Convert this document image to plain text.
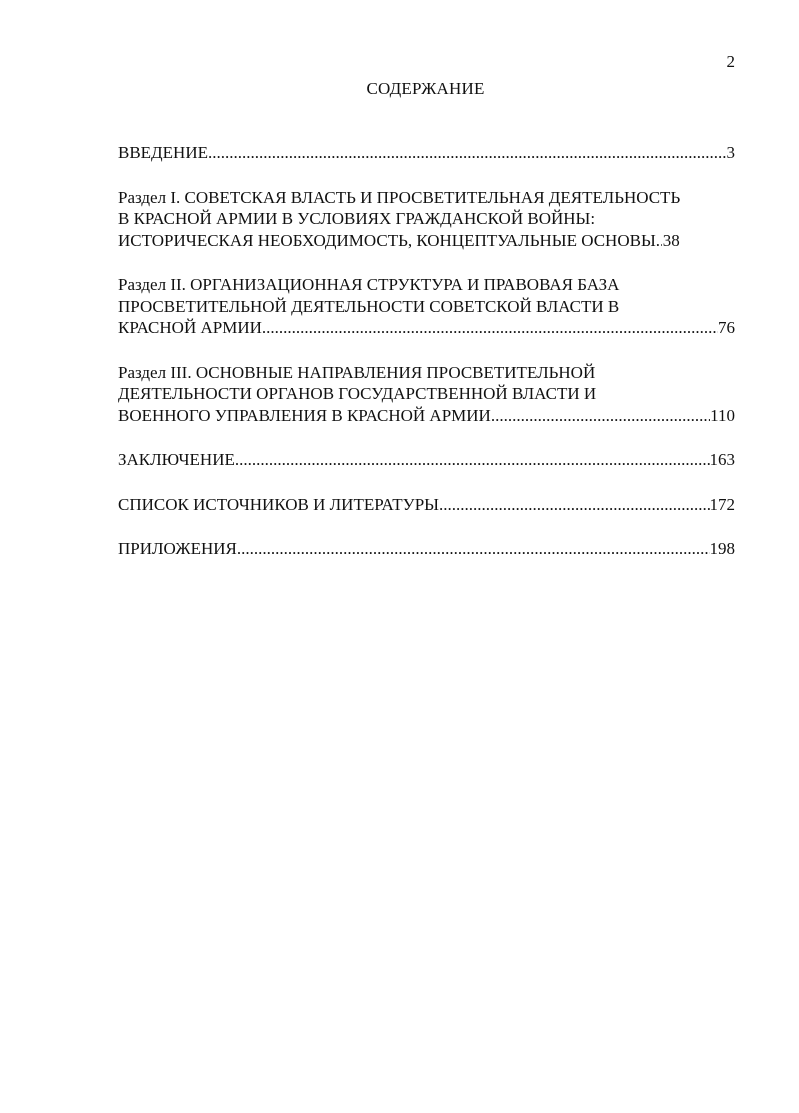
2
СОДЕРЖАНИЕ
ВВЕДЕНИЕ .....	3
Раздел I. СОВЕТСКАЯ ВЛАСТЬ И ПРОСВЕТИТЕЛЬНАЯ ДЕЯТЕЛЬНОСТЬ
В КРАСНОЙ АРМИИ В УСЛОВИЯХ ГРАЖДАНСКОЙ ВОЙНЫ:
ИСТОРИЧЕСКАЯ НЕОБХОДИМОСТЬ, КОНЦЕПТУАЛЬНЫЕ ОСНОВЫ ..... 38
Раздел II. ОРГАНИЗАЦИОННАЯ СТРУКТУРА И ПРАВОВАЯ БАЗА
ПРОСВЕТИТЕЛЬНОЙ ДЕЯТЕЛЬНОСТИ СОВЕТСКОЙ ВЛАСТИ В
КРАСНОЙ АРМИИ .....	76
Раздел III. ОСНОВНЫЕ НАПРАВЛЕНИЯ ПРОСВЕТИТЕЛЬНОЙ
ДЕЯТЕЛЬНОСТИ ОРГАНОВ ГОСУДАРСТВЕННОЙ ВЛАСТИ И
ВОЕННОГО УПРАВЛЕНИЯ В КРАСНОЙ АРМИИ .....	110
ЗАКЛЮЧЕНИЕ .....	163
СПИСОК ИСТОЧНИКОВ И ЛИТЕРАТУРЫ .....	172
ПРИЛОЖЕНИЯ .....	198
